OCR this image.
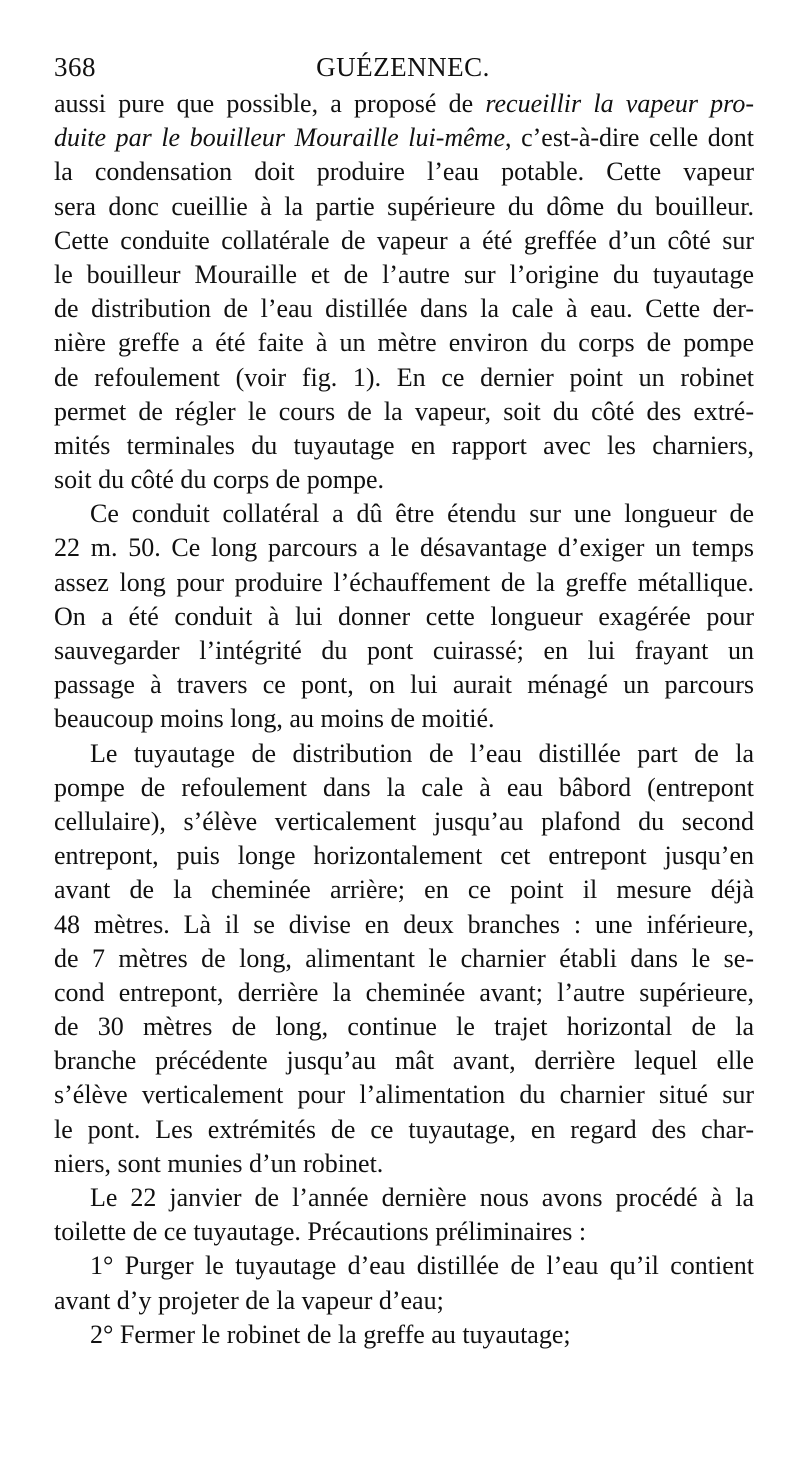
368	GUÉZENNEC.
aussi pure que possible, a proposé de recueillir la vapeur pro-
duite par le bouilleur Mouraille lui-même, c’est-à-dire celle dont
la condensation doit produire l’eau potable. Cette vapeur
sera donc cueillie à la partie supérieure du dôme du bouilleur.
Cette conduite collatérale de vapeur a été greffée d’un côté sur
le bouilleur Mouraille et de l’autre sur l’origine du tuyautage
de distribution de l’eau distillée dans la cale à eau. Cette der-
nière greffe a été faite à un mètre environ du corps de pompe
de refoulement (voir fig. 1). En ce dernier point un robinet
permet de régler le cours de la vapeur, soit du côté des extré-
mités terminales du tuyautage en rapport avec les charniers,
soit du côté du corps de pompe.
Ce conduit collatéral a dû être étendu sur une longueur de
22 m. 50. Ce long parcours a le désavantage d’exiger un temps
assez long pour produire l’échauffement de la greffe métallique.
On a été conduit à lui donner cette longueur exagérée pour
sauvegarder l’intégrité du pont cuirassé; en lui frayant un
passage à travers ce pont, on lui aurait ménagé un parcours
beaucoup moins long, au moins de moitié.
Le tuyautage de distribution de l’eau distillée part de la
pompe de refoulement dans la cale à eau bâbord (entrepont
cellulaire), s’élève verticalement jusqu’au plafond du second
entrepont, puis longe horizontalement cet entrepont jusqu’en
avant de la cheminée arrière; en ce point il mesure déjà
48 mètres. Là il se divise en deux branches : une inférieure,
de 7 mètres de long, alimentant le charnier établi dans le se-
cond entrepont, derrière la cheminée avant; l’autre supérieure,
de 30 mètres de long, continue le trajet horizontal de la
branche précédente jusqu’au mât avant, derrière lequel elle
s’élève verticalement pour l’alimentation du charnier situé sur
le pont. Les extrémités de ce tuyautage, en regard des char-
niers, sont munies d’un robinet.
Le 22 janvier de l’année dernière nous avons procédé à la
toilette de ce tuyautage. Précautions préliminaires :
1° Purger le tuyautage d’eau distillée de l’eau qu’il contient
avant d’y projeter de la vapeur d’eau;
2° Fermer le robinet de la greffe au tuyautage;
